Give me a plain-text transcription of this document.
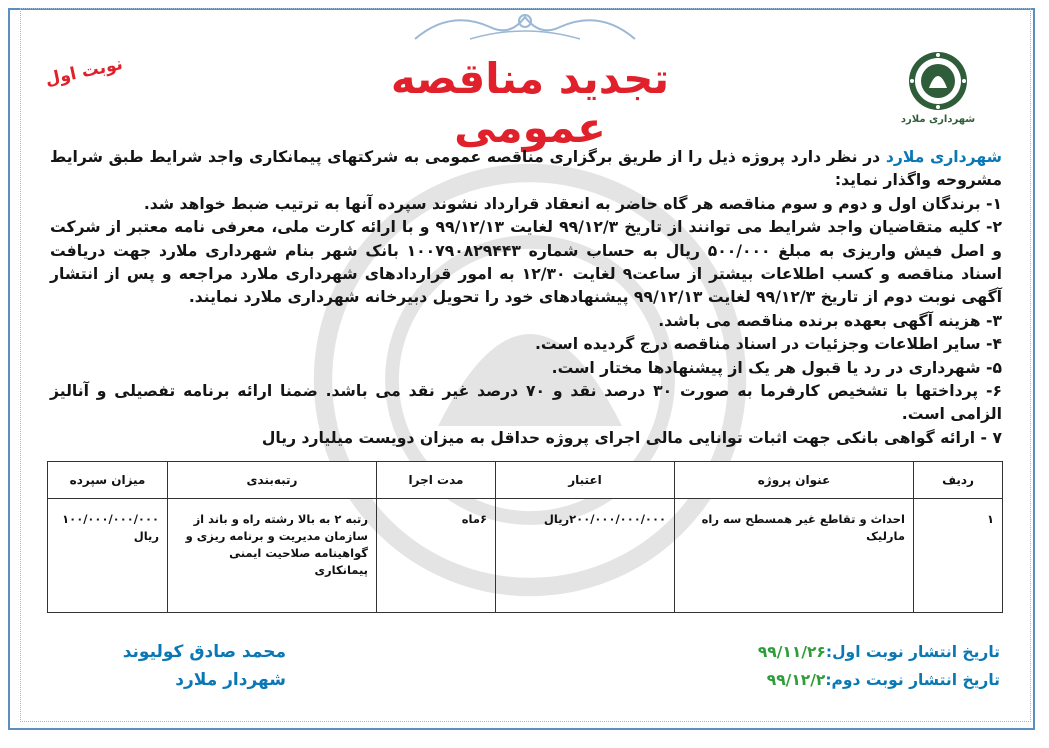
شهرداری ملارد
تجدید مناقصه عمومی
نوبت اول

شهرداری ملارد در نظر دارد پروژه ذیل را از طریق برگزاری مناقصه عمومی به شرکتهای پیمانکاری واجد شرایط طبق شرایط مشروحه واگذار نماید:

۱- برندگان اول و دوم و سوم مناقصه هر گاه حاضر به انعقاد قرارداد نشوند سپرده آنها به ترتیب ضبط خواهد شد.

۲- کلیه متقاضیان واجد شرایط می توانند از تاریخ ۹۹/۱۲/۳ لغایت ۹۹/۱۲/۱۳ و با ارائه کارت ملی، معرفی نامه معتبر از شرکت و اصل فیش واریزی به مبلغ ۵۰۰/۰۰۰ ریال به حساب شماره ۱۰۰۷۹۰۸۲۹۴۴۳ بانک شهر بنام شهرداری ملارد جهت دریافت اسناد مناقصه و کسب اطلاعات بیشتر از ساعت۹ لغایت ۱۲/۳۰ به امور قراردادهای شهرداری ملارد مراجعه و پس از انتشار آگهی نوبت دوم از تاریخ ۹۹/۱۲/۳ لغایت ۹۹/۱۲/۱۳ پیشنهادهای خود را تحویل دبیرخانه شهرداری ملارد نمایند.

۳- هزینه آگهی بعهده برنده مناقصه می باشد.

۴- سایر اطلاعات وجزئیات در اسناد مناقصه درج گردیده است.

۵- شهرداری در رد یا قبول هر یک از پیشنهادها مختار است.

۶- پرداختها با تشخیص کارفرما به صورت ۳۰ درصد نقد و ۷۰ درصد غیر نقد می باشد. ضمنا ارائه برنامه تفصیلی و آنالیز الزامی است.

۷ - ارائه گواهی بانکی جهت اثبات توانایی مالی اجرای پروژه حداقل به میزان دویست میلیارد ریال

ردیف	عنوان پروژه	اعتبار	مدت اجرا	رتبه‌بندی	میزان سپرده
۱	احداث و تقاطع غیر همسطح سه راه مارلیک	۲۰۰/۰۰۰/۰۰۰/۰۰۰ریال	۶ماه	رتبه ۲ به بالا رشته راه و باند از سازمان مدیریت و برنامه ریزی و گواهینامه صلاحیت ایمنی پیمانکاری	۱۰۰/۰۰۰/۰۰۰/۰۰۰ ریال
محمد صادق کولیوند
شهردار ملارد
تاریخ انتشار نوبت اول:۹۹/۱۱/۲۶
تاریخ انتشار نوبت دوم:۹۹/۱۲/۲
